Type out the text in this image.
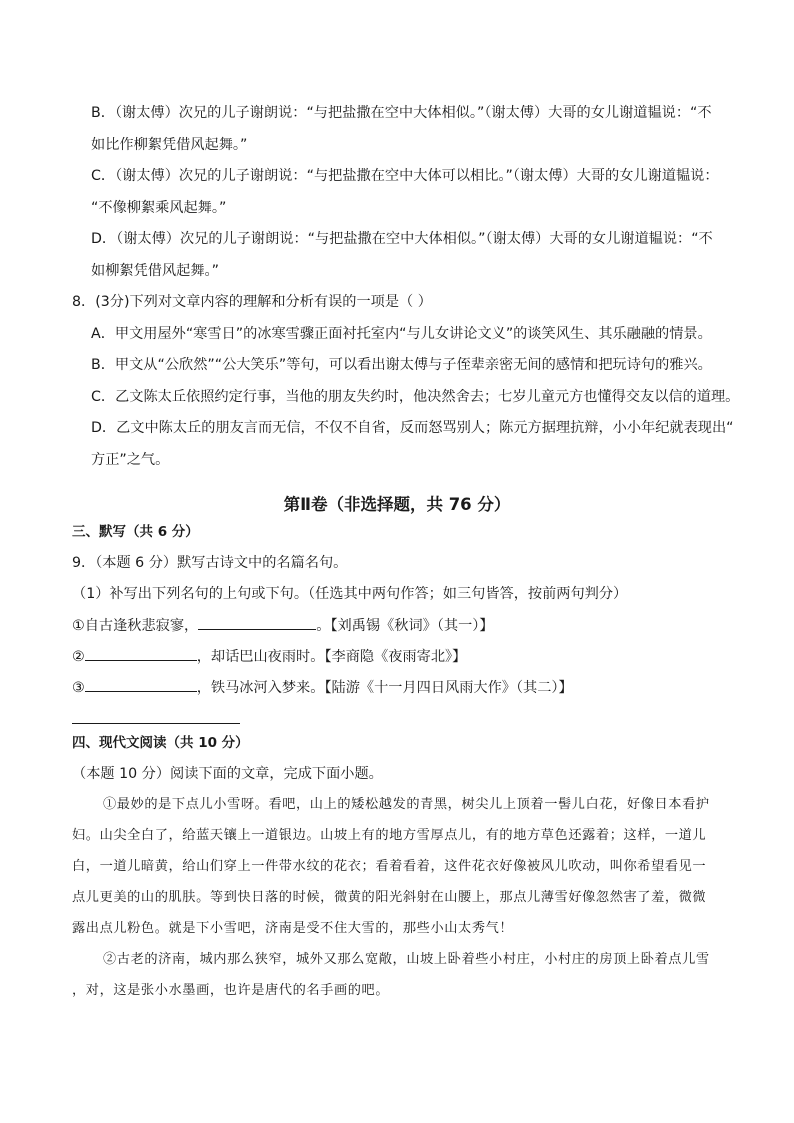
B．（谢太傅）次兄的儿子谢朗说：“与把盐撒在空中大体相似。”（谢太傅）大哥的女儿谢道韫说：“不
如比作柳絮凭借风起舞。”
C．（谢太傅）次兄的儿子谢朗说：“与把盐撒在空中大体可以相比。”（谢太傅）大哥的女儿谢道韫说：
“不像柳絮乘风起舞。”
D．（谢太傅）次兄的儿子谢朗说：“与把盐撒在空中大体相似。”（谢太傅）大哥的女儿谢道韫说：“不
如柳絮凭借风起舞。”
8．(3分)下列对文章内容的理解和分析有误的一项是（ ）
A．甲文用屋外“寒雪日”的冰寒雪骤正面衬托室内“与儿女讲论文义”的谈笑风生、其乐融融的情景。
B．甲文从“公欣然”“公大笑乐”等句，可以看出谢太傅与子侄辈亲密无间的感情和把玩诗句的雅兴。
C．乙文陈太丘依照约定行事，当他的朋友失约时，他决然舍去；七岁儿童元方也懂得交友以信的道理。
D．乙文中陈太丘的朋友言而无信，不仅不自省，反而怒骂别人；陈元方据理抗辩，小小年纪就表现出“
方正”之气。
第Ⅱ卷（非选择题，共 76 分）
三、默写（共 6 分）
9．（本题 6 分）默写古诗文中的名篇名句。
（1）补写出下列名句的上句或下句。（任选其中两句作答；如三句皆答，按前两句判分）
①自古逢秋悲寂寥，	。【刘禹锡《秋词》（其一）】
②	，却话巴山夜雨时。【李商隐《夜雨寄北》】
③	，铁马冰河入梦来。【陆游《十一月四日风雨大作》（其二）】
四、现代文阅读（共 10 分）
（本题 10 分）阅读下面的文章，完成下面小题。
①最妙的是下点儿小雪呀。看吧，山上的矮松越发的青黑，树尖儿上顶着一髻儿白花，好像日本看护
妇。山尖全白了，给蓝天镶上一道银边。山坡上有的地方雪厚点儿，有的地方草色还露着；这样，一道儿
白，一道儿暗黄，给山们穿上一件带水纹的花衣；看着看着，这件花衣好像被风儿吹动，叫你希望看见一
点儿更美的山的肌肤。等到快日落的时候，微黄的阳光斜射在山腰上，那点儿薄雪好像忽然害了羞，微微
露出点儿粉色。就是下小雪吧，济南是受不住大雪的，那些小山太秀气！
②古老的济南，城内那么狭窄，城外又那么宽敞，山坡上卧着些小村庄，小村庄的房顶上卧着点儿雪
，对，这是张小水墨画，也许是唐代的名手画的吧。
